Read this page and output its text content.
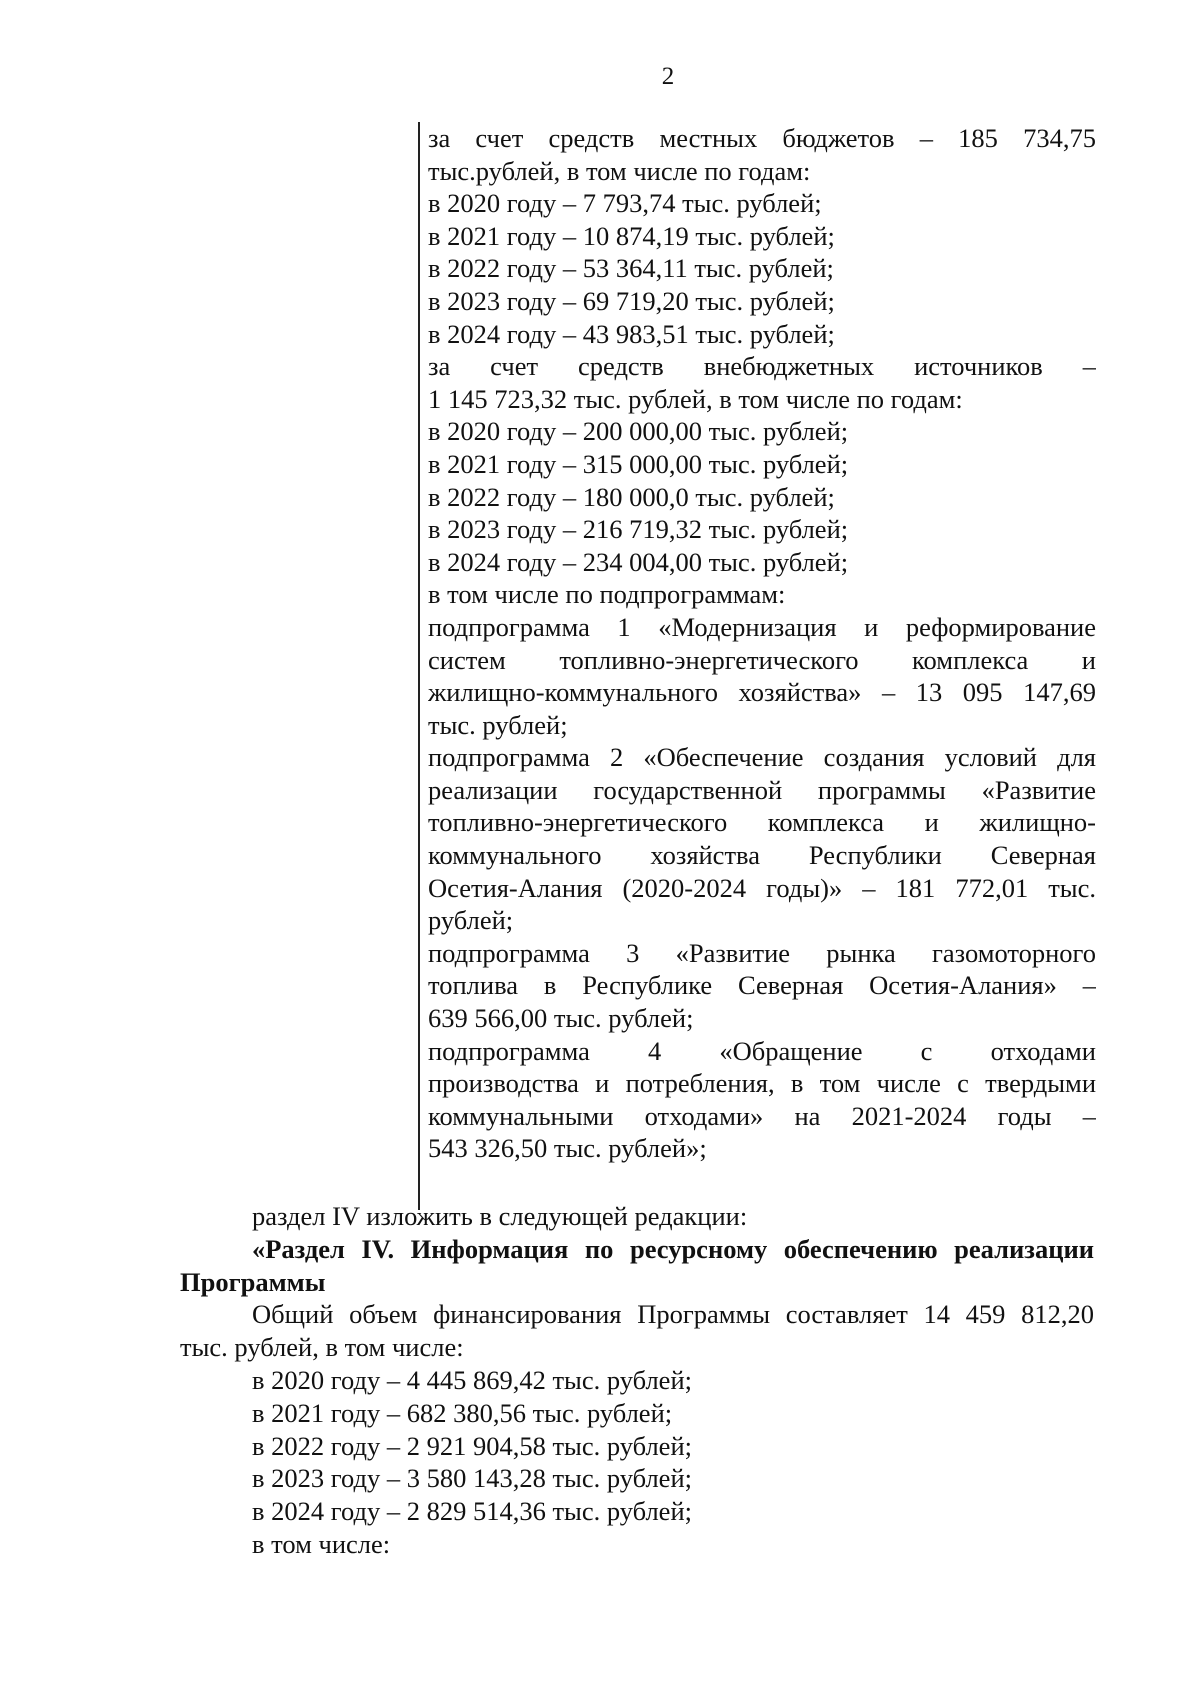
2
за счет средств местных бюджетов – 185 734,75
тыс.рублей, в том числе по годам:
в 2020 году – 7 793,74 тыс. рублей;
в 2021 году – 10 874,19 тыс. рублей;
в 2022 году – 53 364,11 тыс. рублей;
в 2023 году – 69 719,20 тыс. рублей;
в 2024 году – 43 983,51 тыс. рублей;
за счет средств внебюджетных источников –
1 145 723,32 тыс. рублей, в том числе по годам:
в 2020 году – 200 000,00 тыс. рублей;
в 2021 году – 315 000,00 тыс. рублей;
в 2022 году – 180 000,0 тыс. рублей;
в 2023 году – 216 719,32 тыс. рублей;
в 2024 году – 234 004,00 тыс. рублей;
в том числе по подпрограммам:
подпрограмма 1 «Модернизация и реформирование
систем топливно-энергетического комплекса и
жилищно-коммунального хозяйства» – 13 095 147,69
тыс. рублей;
подпрограмма 2 «Обеспечение создания условий для
реализации государственной программы «Развитие
топливно-энергетического комплекса и жилищно-
коммунального хозяйства Республики Северная
Осетия-Алания (2020-2024 годы)» – 181 772,01 тыс.
рублей;
подпрограмма 3 «Развитие рынка газомоторного
топлива в Республике Северная Осетия-Алания» –
639 566,00 тыс. рублей;
подпрограмма 4 «Обращение с отходами
производства и потребления, в том числе с твердыми
коммунальными отходами» на 2021-2024 годы –
543 326,50 тыс. рублей»;
раздел IV изложить в следующей редакции:
«Раздел IV. Информация по ресурсному обеспечению реализации
Программы
Общий объем финансирования Программы составляет 14 459 812,20
тыс. рублей, в том числе:
в 2020 году – 4 445 869,42 тыс. рублей;
в 2021 году – 682 380,56 тыс. рублей;
в 2022 году – 2 921 904,58 тыс. рублей;
в 2023 году – 3 580 143,28 тыс. рублей;
в 2024 году – 2 829 514,36 тыс. рублей;
в том числе:
